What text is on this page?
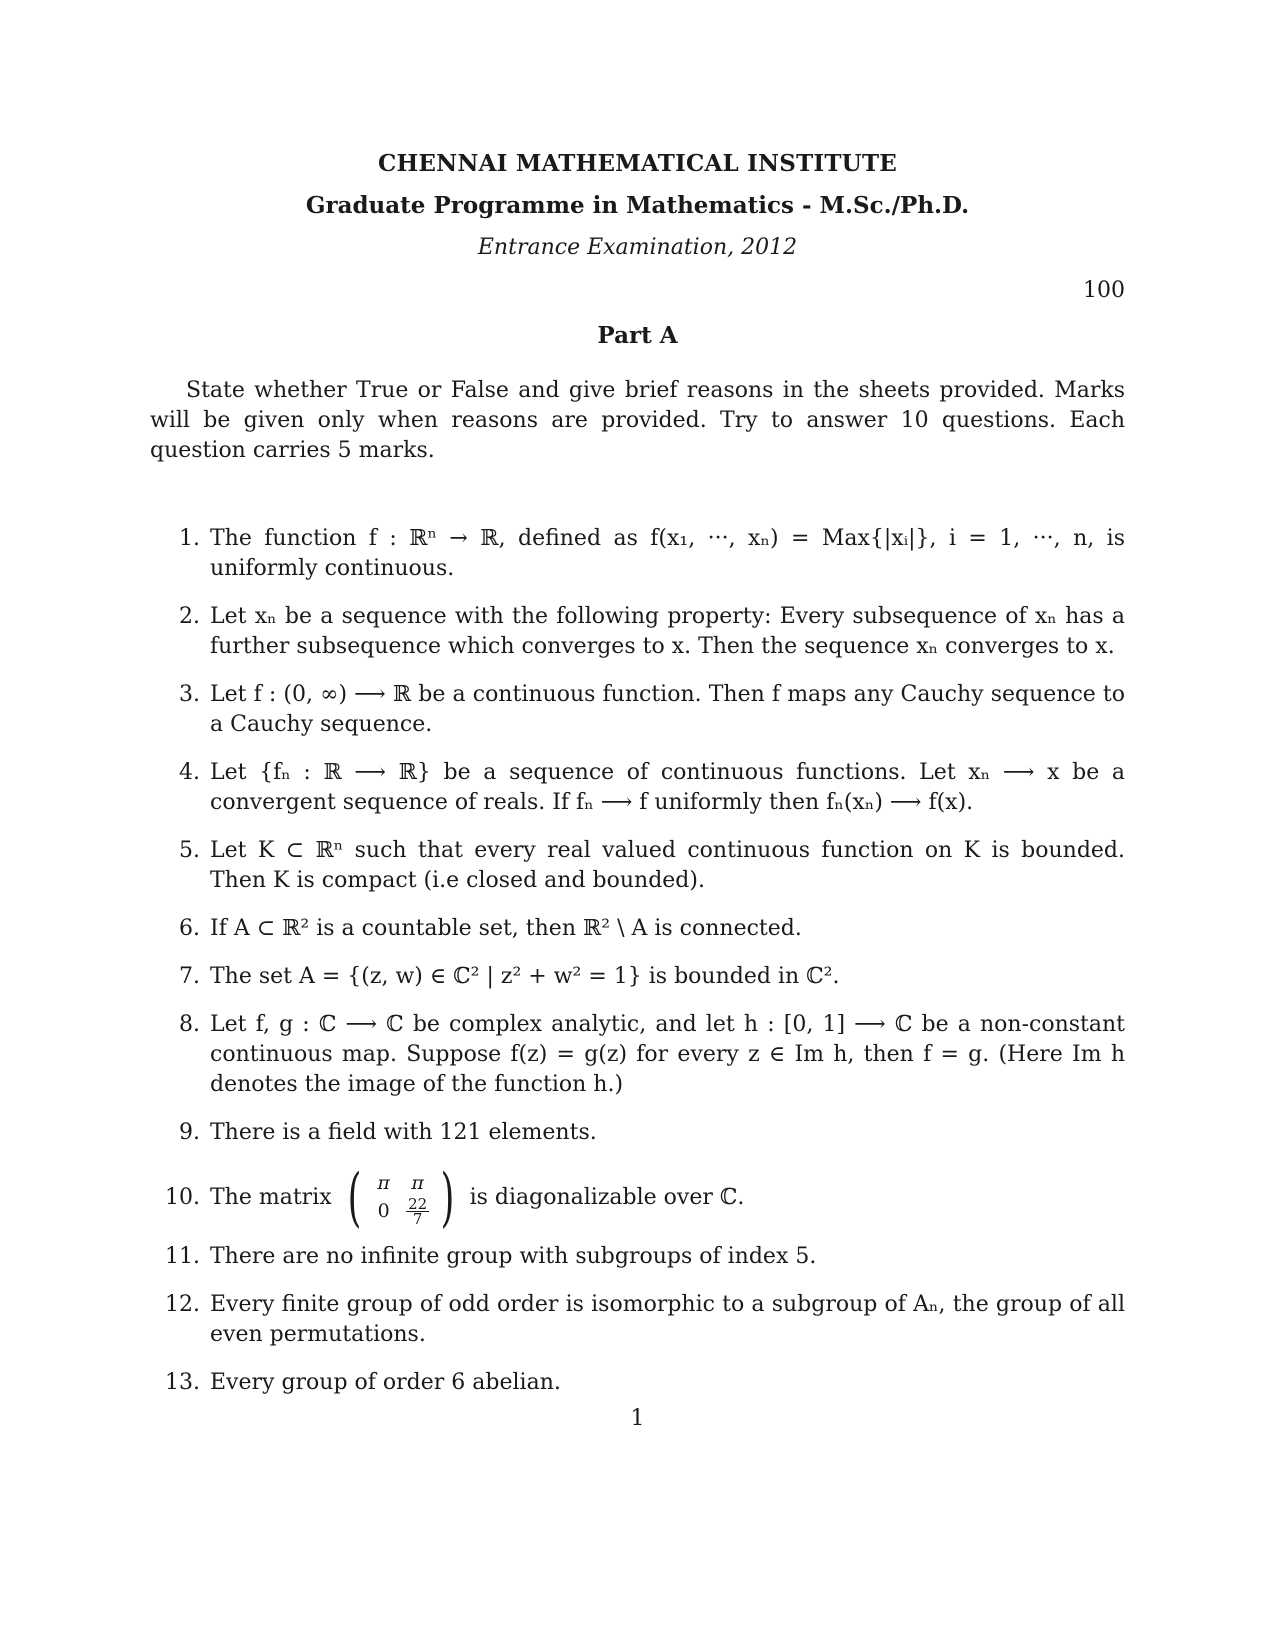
CHENNAI MATHEMATICAL INSTITUTE
Graduate Programme in Mathematics - M.Sc./Ph.D.
Entrance Examination, 2012
100
Part A

State whether True or False and give brief reasons in the sheets provided. Marks will be given only when reasons are provided. Try to answer 10 questions. Each question carries 5 marks.

1. The function f : ℝⁿ → ℝ, defined as f(x₁, ···, xₙ) = Max{|xᵢ|}, i = 1, ···, n, is uniformly continuous.
2. Let xₙ be a sequence with the following property: Every subsequence of xₙ has a further subsequence which converges to x. Then the sequence xₙ converges to x.
3. Let f : (0, ∞) ⟶ ℝ be a continuous function. Then f maps any Cauchy sequence to a Cauchy sequence.
4. Let {fₙ : ℝ ⟶ ℝ} be a sequence of continuous functions. Let xₙ ⟶ x be a convergent sequence of reals. If fₙ ⟶ f uniformly then fₙ(xₙ) ⟶ f(x).
5. Let K ⊂ ℝⁿ such that every real valued continuous function on K is bounded. Then K is compact (i.e closed and bounded).
6. If A ⊂ ℝ² is a countable set, then ℝ² \ A is connected.
7. The set A = {(z, w) ∈ ℂ² | z² + w² = 1} is bounded in ℂ².
8. Let f, g : ℂ ⟶ ℂ be complex analytic, and let h : [0, 1] ⟶ ℂ be a non-constant continuous map. Suppose f(z) = g(z) for every z ∈ Im h, then f = g. (Here Im h denotes the image of the function h.)
9. There is a field with 121 elements.
10. The matrix ( π π
$0 \frac{22}{7}$ ) is diagonalizable over ℂ.
11. There are no infinite group with subgroups of index 5.
12. Every finite group of odd order is isomorphic to a subgroup of Aₙ, the group of all even permutations.
13. Every group of order 6 abelian.
1
